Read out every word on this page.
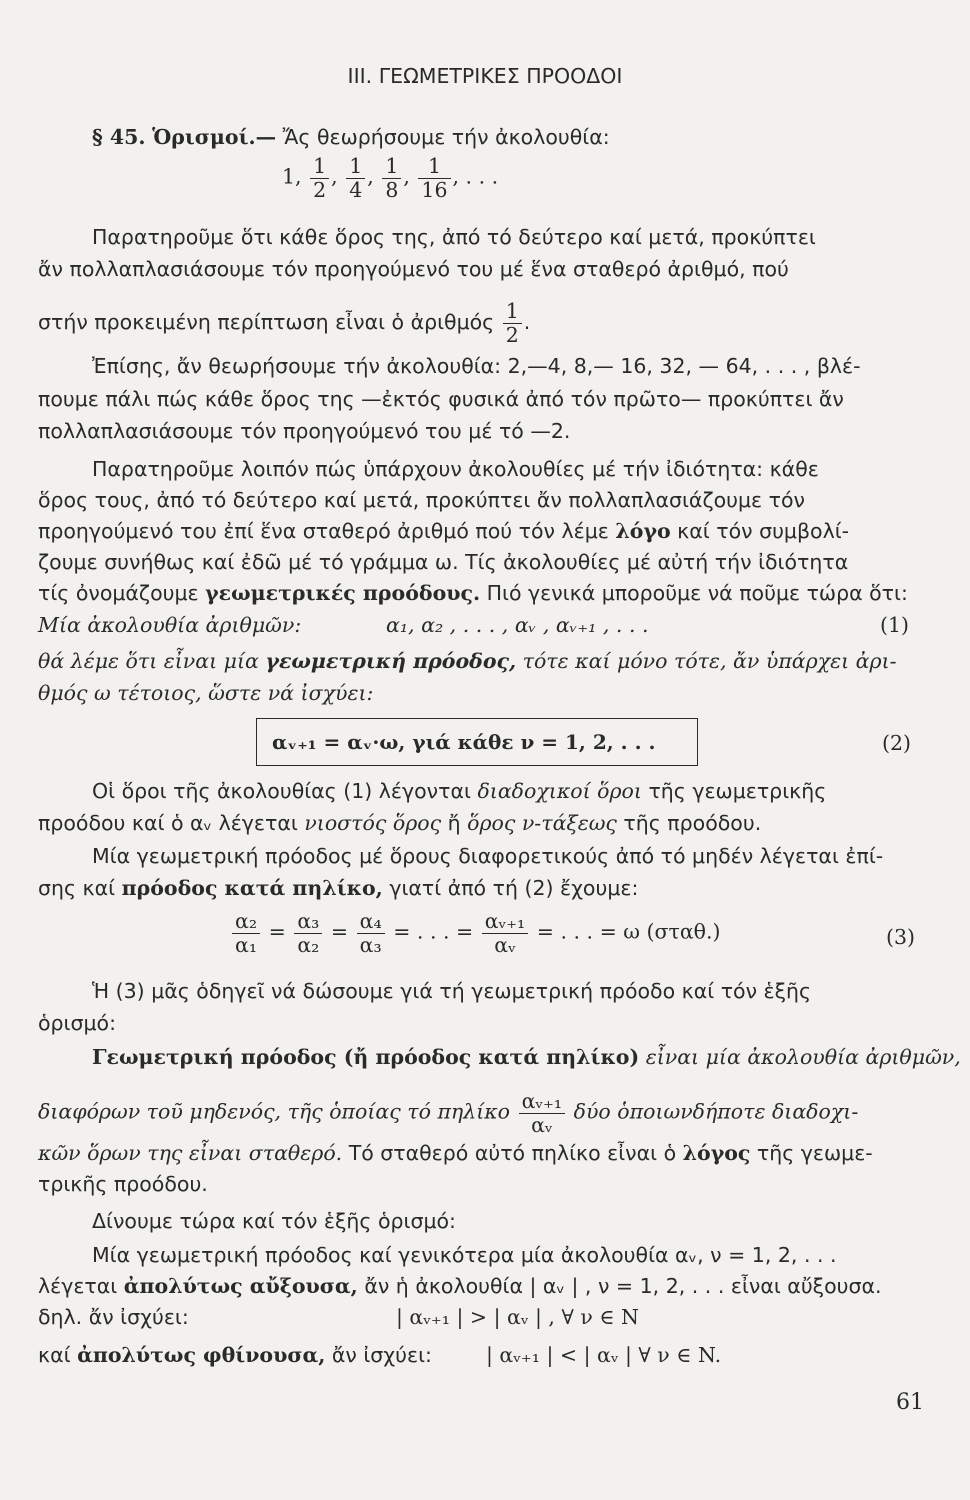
III. ΓΕΩΜΕΤΡΙΚΕΣ ΠΡΟΟΔΟΙ
§ 45. Ὁρισμοί.— Ἄς θεωρήσουμε τήν ἀκολουθία:
1, $\frac{1}{2}$ , $\frac{1}{4}$ , $\frac{1}{8}$ , $\frac{1}{16}$ , . . .
Παρατηροῦμε ὅτι κάθε ὅρος της, ἀπό τό δεύτερο καί μετά, προκύπτει
ἄν πολλαπλασιάσουμε τόν προηγούμενό του μέ ἕνα σταθερό ἀριθμό, πού
στήν προκειμένη περίπτωση εἶναι ὁ ἀριθμός $\frac{1}{2}$ .
Ἐπίσης, ἄν θεωρήσουμε τήν ἀκολουθία: 2,—4, 8,— 16, 32, — 64, . . . , βλέ-
πουμε πάλι πώς κάθε ὅρος της —ἐκτός φυσικά ἀπό τόν πρῶτο— προκύπτει ἄν
πολλαπλασιάσουμε τόν προηγούμενό του μέ τό —2.
Παρατηροῦμε λοιπόν πώς ὑπάρχουν ἀκολουθίες μέ τήν ἰδιότητα: κάθε
ὅρος τους, ἀπό τό δεύτερο καί μετά, προκύπτει ἄν πολλαπλασιάζουμε τόν
προηγούμενό του ἐπί ἕνα σταθερό ἀριθμό πού τόν λέμε λόγο καί τόν συμβολί-
ζουμε συνήθως καί ἐδῶ μέ τό γράμμα ω. Τίς ἀκολουθίες μέ αὐτή τήν ἰδιότητα
τίς ὀνομάζουμε γεωμετρικές προόδους. Πιό γενικά μποροῦμε νά ποῦμε τώρα ὅτι:
Μία ἀκολουθία ἀριθμῶν:	α₁, α₂ , . . . , αᵥ , αᵥ₊₁ , . . .	(1)
θά λέμε ὅτι εἶναι μία γεωμετρική πρόοδος, τότε καί μόνο τότε, ἄν ὑπάρχει ἀρι-
θμός ω τέτοιος, ὥστε νά ἰσχύει:
αᵥ₊₁ = αᵥ·ω, γιά κάθε ν = 1, 2, . . .	(2)
Οἱ ὅροι τῆς ἀκολουθίας (1) λέγονται διαδοχικοί ὅροι τῆς γεωμετρικῆς
προόδου καί ὁ αᵥ λέγεται νιοστός ὅρος ἤ ὅρος ν-τάξεως τῆς προόδου.
Μία γεωμετρική πρόοδος μέ ὅρους διαφορετικούς ἀπό τό μηδέν λέγεται ἐπί-
σης καί πρόοδος κατά πηλίκο, γιατί ἀπό τή (2) ἔχουμε:
$\frac{\text{α₂}}{\text{α₁}} = \frac{\text{α₃}}{\text{α₂}} = \frac{\text{α₄}}{\text{α₃}}$ = . . . = $\frac{\text{αᵥ₊₁}}{\text{αᵥ}}$ = . . . = ω (σταθ.)	(3)
Ἡ (3) μᾶς ὁδηγεῖ νά δώσουμε γιά τή γεωμετρική πρόοδο καί τόν ἑξῆς
ὁρισμό:
Γεωμετρική πρόοδος (ἤ πρόοδος κατά πηλίκο) εἶναι μία ἀκολουθία ἀριθμῶν,
διαφόρων τοῦ μηδενός, τῆς ὁποίας τό πηλίκο $\frac{\text{αᵥ₊₁}}{\text{αᵥ}}$ δύο ὁποιωνδήποτε διαδοχι-
κῶν ὅρων της εἶναι σταθερό. Τό σταθερό αὐτό πηλίκο εἶναι ὁ λόγος τῆς γεωμε-
τρικῆς προόδου.
Δίνουμε τώρα καί τόν ἑξῆς ὁρισμό:
Μία γεωμετρική πρόοδος καί γενικότερα μία ἀκολουθία αᵥ, ν = 1, 2, . . .
λέγεται ἀπολύτως αὔξουσα, ἄν ἡ ἀκολουθία | αᵥ | , ν = 1, 2, . . . εἶναι αὔξουσα.
δηλ. ἄν ἰσχύει:	| αᵥ₊₁ | > | αᵥ | , ∀ ν ∈ N
καί ἀπολύτως φθίνουσα, ἄν ἰσχύει:	| αᵥ₊₁ | < | αᵥ | ∀ ν ∈ N.
61
